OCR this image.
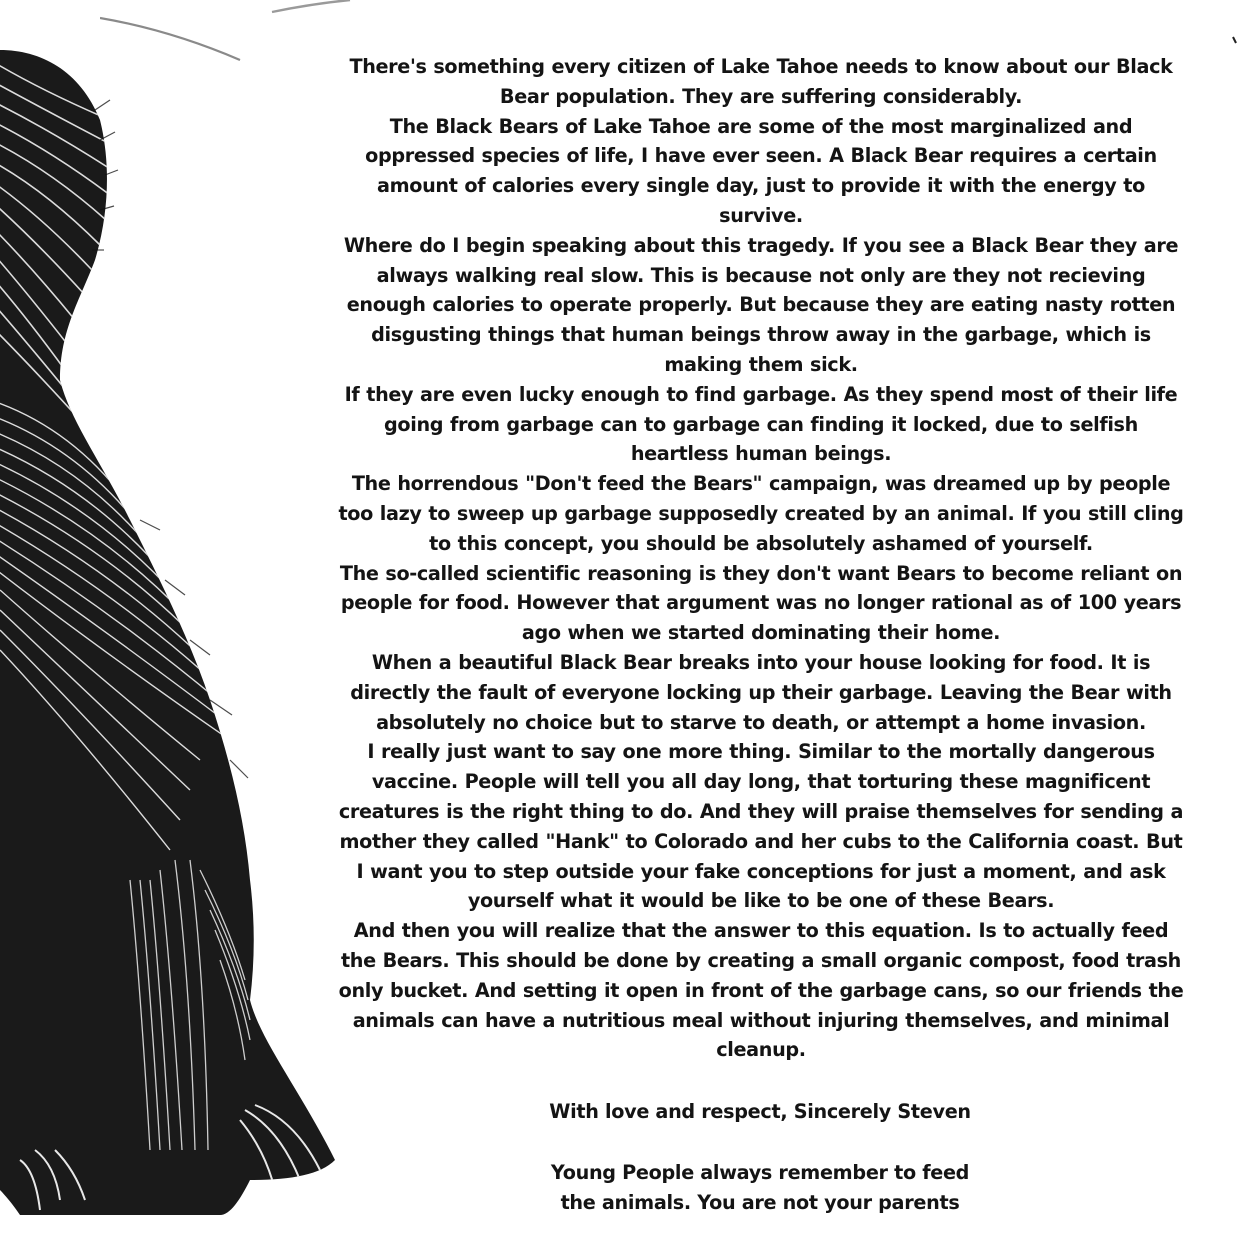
There's something every citizen of Lake Tahoe needs to know about our Black Bear population. They are suffering considerably.

The Black Bears of Lake Tahoe are some of the most marginalized and oppressed species of life, I have ever seen. A Black Bear requires a certain amount of calories every single day, just to provide it with the energy to survive.

Where do I begin speaking about this tragedy. If you see a Black Bear they are always walking real slow. This is because not only are they not recieving enough calories to operate properly. But because they are eating nasty rotten disgusting things that human beings throw away in the garbage, which is making them sick.

If they are even lucky enough to find garbage. As they spend most of their life going from garbage can to garbage can finding it locked, due to selfish heartless human beings.

The horrendous "Don't feed the Bears" campaign, was dreamed up by people too lazy to sweep up garbage supposedly created by an animal. If you still cling to this concept, you should be absolutely ashamed of yourself.

The so-called scientific reasoning is they don't want Bears to become reliant on people for food. However that argument was no longer rational as of 100 years ago when we started dominating their home.

When a beautiful Black Bear breaks into your house looking for food. It is directly the fault of everyone locking up their garbage. Leaving the Bear with absolutely no choice but to starve to death, or attempt a home invasion.

I really just want to say one more thing. Similar to the mortally dangerous vaccine. People will tell you all day long, that torturing these magnificent creatures is the right thing to do. And they will praise themselves for sending a mother they called "Hank" to Colorado and her cubs to the California coast. But I want you to step outside your fake conceptions for just a moment, and ask yourself what it would be like to be one of these Bears.

And then you will realize that the answer to this equation. Is to actually feed the Bears. This should be done by creating a small organic compost, food trash only bucket. And setting it open in front of the garbage cans, so our friends the animals can have a nutritious meal without injuring themselves, and minimal cleanup.

With love and respect, Sincerely Steven
Young People always remember to feed
the animals. You are not your parents
